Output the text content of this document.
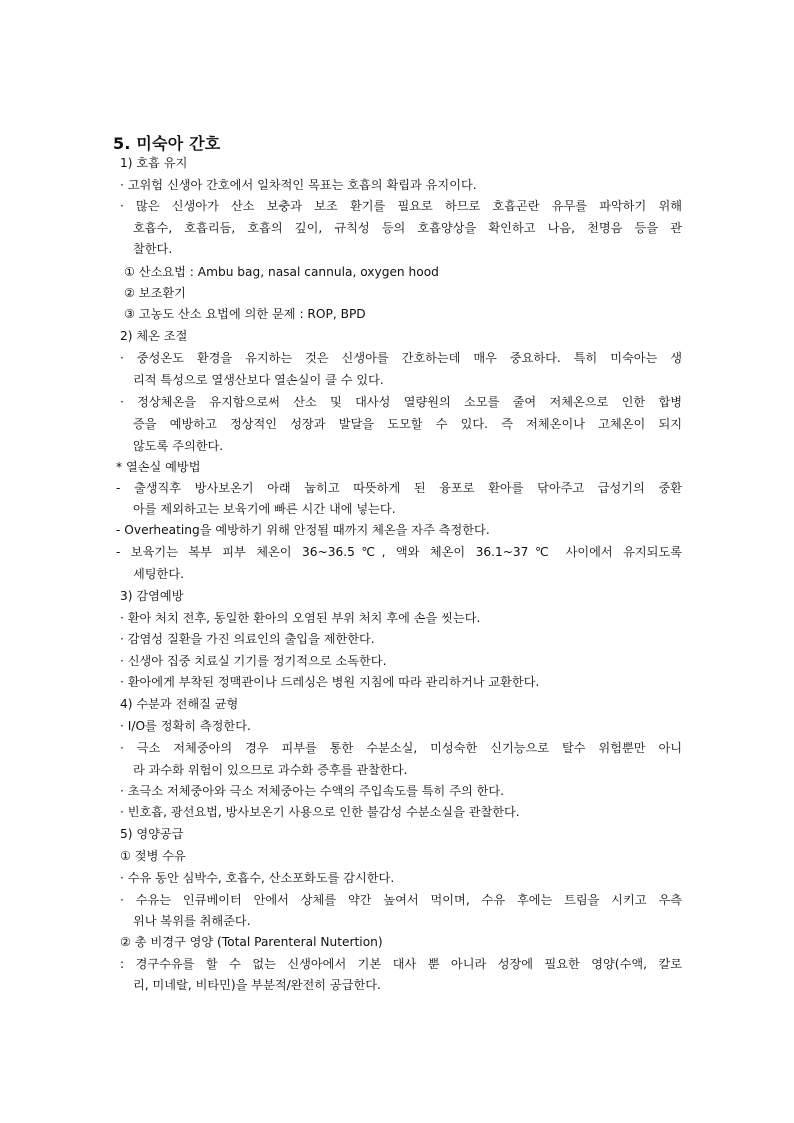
5. 미숙아 간호
1) 호흡 유지
· 고위험 신생아 간호에서 일차적인 목표는 호흡의 확립과 유지이다.
· 많은 신생아가 산소 보충과 보조 환기를 필요로 하므로 호흡곤란 유무를 파악하기 위해
호흡수, 호흡리듬, 호흡의 깊이, 규칙성 등의 호흡양상을 확인하고 나음, 천명음 등을 관
찰한다.
① 산소요법 : Ambu bag, nasal cannula, oxygen hood
② 보조환기
③ 고농도 산소 요법에 의한 문제 : ROP, BPD
2) 체온 조절
· 중성온도 환경을 유지하는 것은 신생아를 간호하는데 매우 중요하다. 특히 미숙아는 생
리적 특성으로 열생산보다 열손실이 클 수 있다.
· 정상체온을 유지함으로써 산소 및 대사성 열량원의 소모를 줄여 저체온으로 인한 합병
증을 예방하고 정상적인 성장과 발달을 도모할 수 있다. 즉 저체온이나 고체온이 되지
않도록 주의한다.
* 열손실 예방법
- 출생직후 방사보온기 아래 눕히고 따뜻하게 된 융포로 환아를 닦아주고 급성기의 중환
아를 제외하고는 보육기에 빠른 시간 내에 넣는다.
- Overheating을 예방하기 위해 안정될 때까지 체온을 자주 측정한다.
- 보육기는 복부 피부 체온이 36~36.5℃, 액와 체온이 36.1~37℃ 사이에서 유지되도록
세팅한다.
3) 감염예방
· 환아 처치 전후, 동일한 환아의 오염된 부위 처치 후에 손을 씻는다.
· 감염성 질환을 가진 의료인의 출입을 제한한다.
· 신생아 집중 치료실 기기를 정기적으로 소독한다.
· 환아에게 부착된 정맥관이나 드레싱은 병원 지침에 따라 관리하거나 교환한다.
4) 수분과 전해질 균형
· I/O를 정확히 측정한다.
· 극소 저체중아의 경우 피부를 통한 수분소실, 미성숙한 신기능으로 탈수 위험뿐만 아니
라 과수화 위험이 있으므로 과수화 증후를 관찰한다.
· 초극소 저체중아와 극소 저체중아는 수액의 주입속도를 특히 주의 한다.
· 빈호흡, 광선요법, 방사보온기 사용으로 인한 불감성 수분소실을 관찰한다.
5) 영양공급
① 젖병 수유
· 수유 동안 심박수, 호흡수, 산소포화도를 감시한다.
· 수유는 인큐베이터 안에서 상체를 약간 높여서 먹이며, 수유 후에는 트림을 시키고 우측
위나 복위를 취해준다.
② 총 비경구 영양 (Total Parenteral Nutertion)
: 경구수유를 할 수 없는 신생아에서 기본 대사 뿐 아니라 성장에 필요한 영양(수액, 칼로
리, 미네랄, 비타민)을 부분적/완전히 공급한다.
